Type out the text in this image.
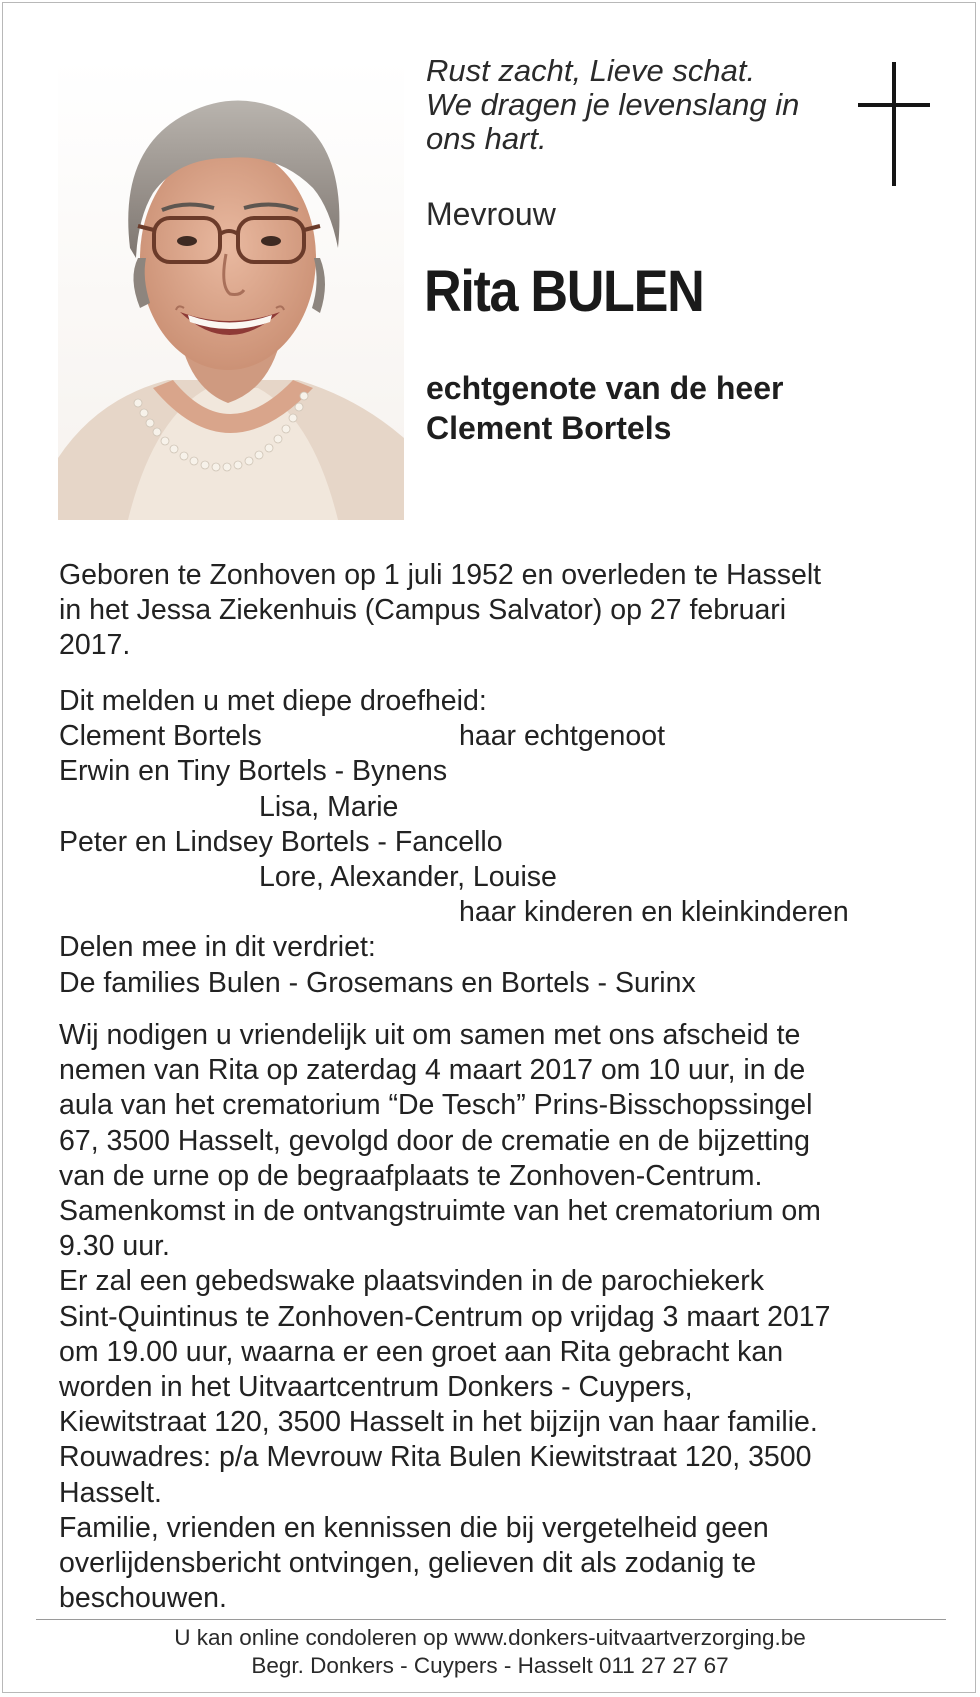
Rust zacht, Lieve schat.
We dragen je levenslang in
ons hart.
Mevrouw
Rita BULEN
echtgenote van de heer
Clement Bortels
Geboren te Zonhoven op 1 juli 1952 en overleden te Hasselt
in het Jessa Ziekenhuis (Campus Salvator) op 27 februari
2017.
Dit melden u met diepe droefheid:
Clement Bortels	haar echtgenoot
Erwin en Tiny Bortels - Bynens
Lisa, Marie
Peter en Lindsey Bortels - Fancello
Lore, Alexander, Louise
haar kinderen en kleinkinderen
Delen mee in dit verdriet:
De families Bulen - Grosemans en Bortels - Surinx
Wij nodigen u vriendelijk uit om samen met ons afscheid te
nemen van Rita op zaterdag 4 maart 2017 om 10 uur, in de
aula van het crematorium “De Tesch” Prins-Bisschopssingel
67, 3500 Hasselt, gevolgd door de crematie en de bijzetting
van de urne op de begraafplaats te Zonhoven-Centrum.
Samenkomst in de ontvangstruimte van het crematorium om
9.30 uur.
Er zal een gebedswake plaatsvinden in de parochiekerk
Sint-Quintinus te Zonhoven-Centrum op vrijdag 3 maart 2017
om 19.00 uur, waarna er een groet aan Rita gebracht kan
worden in het Uitvaartcentrum Donkers - Cuypers,
Kiewitstraat 120, 3500 Hasselt in het bijzijn van haar familie.
Rouwadres: p/a Mevrouw Rita Bulen Kiewitstraat 120, 3500
Hasselt.
Familie, vrienden en kennissen die bij vergetelheid geen
overlijdensbericht ontvingen, gelieven dit als zodanig te
beschouwen.
U kan online condoleren op www.donkers-uitvaartverzorging.be
Begr. Donkers - Cuypers - Hasselt 011 27 27 67
